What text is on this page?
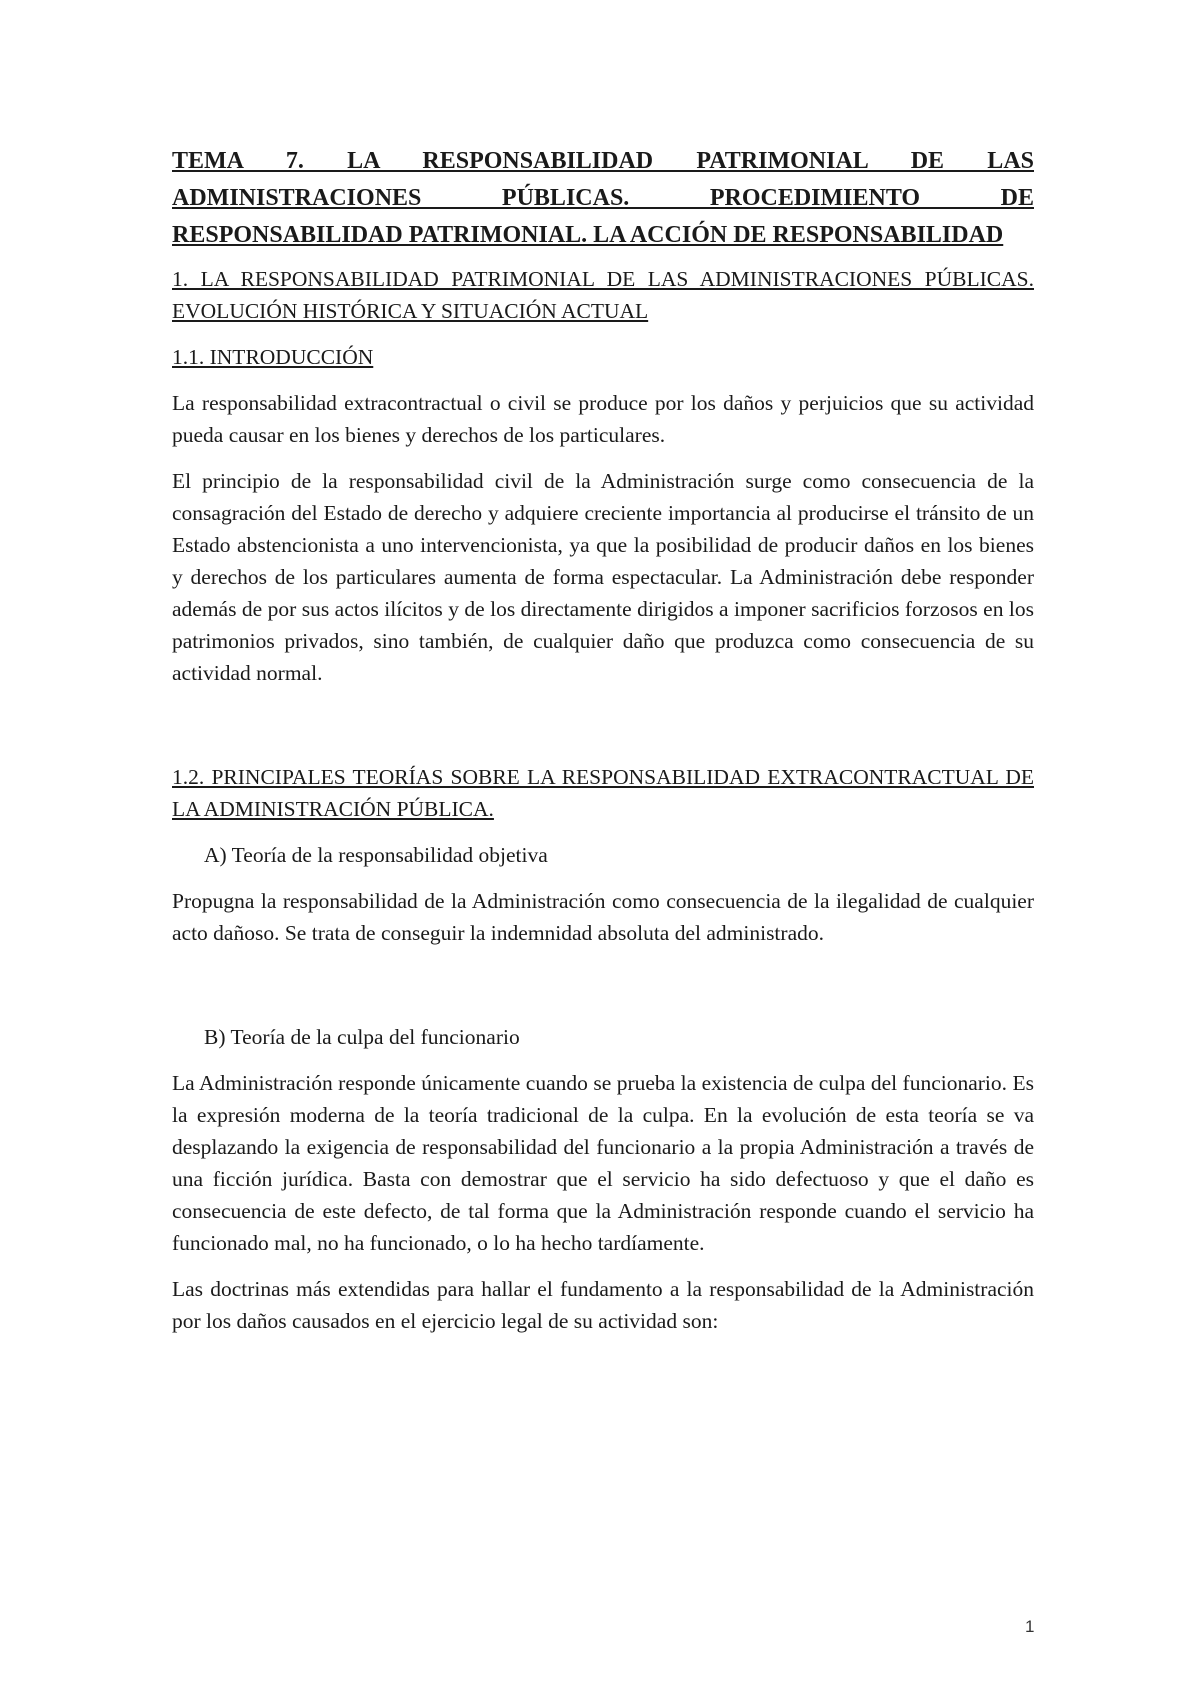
TEMA 7. LA RESPONSABILIDAD PATRIMONIAL DE LAS ADMINISTRACIONES PÚBLICAS. PROCEDIMIENTO DE RESPONSABILIDAD PATRIMONIAL. LA ACCIÓN DE RESPONSABILIDAD
1. LA RESPONSABILIDAD PATRIMONIAL DE LAS ADMINISTRACIONES PÚBLICAS. EVOLUCIÓN HISTÓRICA Y SITUACIÓN ACTUAL
1.1. INTRODUCCIÓN

La responsabilidad extracontractual o civil se produce por los daños y perjuicios que su actividad pueda causar en los bienes y derechos de los particulares.

El principio de la responsabilidad civil de la Administración surge como consecuencia de la consagración del Estado de derecho y adquiere creciente importancia al producirse el tránsito de un Estado abstencionista a uno intervencionista, ya que la posibilidad de producir daños en los bienes y derechos de los particulares aumenta de forma espectacular. La Administración debe responder además de por sus actos ilícitos y de los directamente dirigidos a imponer sacrificios forzosos en los patrimonios privados, sino también, de cualquier daño que produzca como consecuencia de su actividad normal.

1.2. PRINCIPALES TEORÍAS SOBRE LA RESPONSABILIDAD EXTRACONTRACTUAL DE LA ADMINISTRACIÓN PÚBLICA.
A) Teoría de la responsabilidad objetiva

Propugna la responsabilidad de la Administración como consecuencia de la ilegalidad de cualquier acto dañoso. Se trata de conseguir la indemnidad absoluta del administrado.

B) Teoría de la culpa del funcionario

La Administración responde únicamente cuando se prueba la existencia de culpa del funcionario. Es la expresión moderna de la teoría tradicional de la culpa. En la evolución de esta teoría se va desplazando la exigencia de responsabilidad del funcionario a la propia Administración a través de una ficción jurídica. Basta con demostrar que el servicio ha sido defectuoso y que el daño es consecuencia de este defecto, de tal forma que la Administración responde cuando el servicio ha funcionado mal, no ha funcionado, o lo ha hecho tardíamente.

Las doctrinas más extendidas para hallar el fundamento a la responsabilidad de la Administración por los daños causados en el ejercicio legal de su actividad son:

1
